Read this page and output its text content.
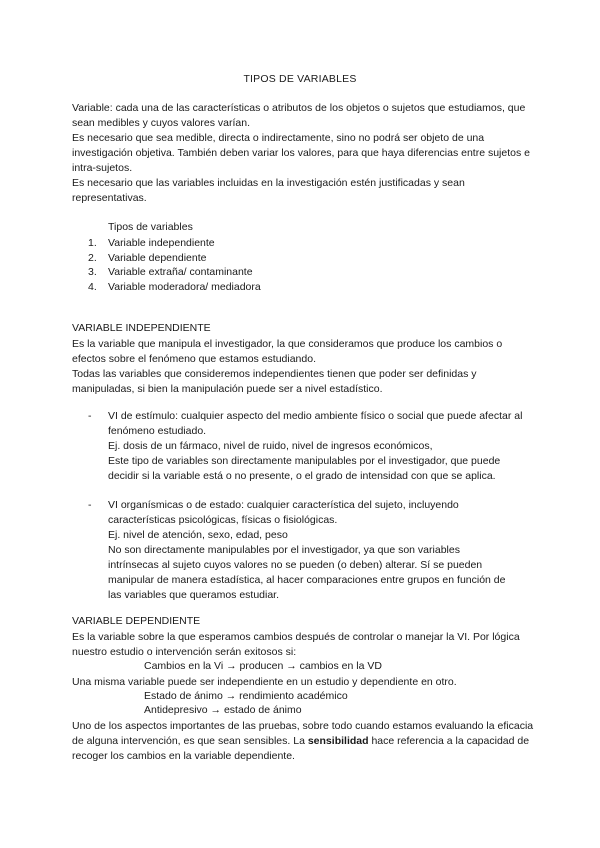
TIPOS DE VARIABLES

Variable: cada una de las características o atributos de los objetos o sujetos que estudiamos, que sean medibles y cuyos valores varían.

Es necesario que sea medible, directa o indirectamente, sino no podrá ser objeto de una investigación objetiva. También deben variar los valores, para que haya diferencias entre sujetos e intra-sujetos.

Es necesario que las variables incluidas en la investigación estén justificadas y sean representativas.

Tipos de variables
1.	Variable independiente
2.	Variable dependiente
3.	Variable extraña/ contaminante
4.	Variable moderadora/ mediadora
VARIABLE INDEPENDIENTE

Es la variable que manipula el investigador, la que consideramos que produce los cambios o efectos sobre el fenómeno que estamos estudiando.

Todas las variables que consideremos independientes tienen que poder ser definidas y manipuladas, si bien la manipulación puede ser a nivel estadístico.

- VI de estímulo: cualquier aspecto del medio ambiente físico o social que puede afectar al fenómeno estudiado.

Ej. dosis de un fármaco, nivel de ruido, nivel de ingresos económicos,

Este tipo de variables son directamente manipulables por el investigador, que puede decidir si la variable está o no presente, o el grado de intensidad con que se aplica.

- VI organísmicas o de estado: cualquier característica del sujeto, incluyendo características psicológicas, físicas o fisiológicas.

Ej. nivel de atención, sexo, edad, peso

No son directamente manipulables por el investigador, ya que son variables intrínsecas al sujeto cuyos valores no se pueden (o deben) alterar. Sí se pueden manipular de manera estadística, al hacer comparaciones entre grupos en función de las variables que queramos estudiar.

VARIABLE DEPENDIENTE
Es la variable sobre la que esperamos cambios después de controlar o manejar la VI. Por lógica nuestro estudio o intervención serán exitosos si:
Cambios en la Vi → producen → cambios en la VD
Una misma variable puede ser independiente en un estudio y dependiente en otro.
Estado de ánimo → rendimiento académico
Antidepresivo → estado de ánimo
Uno de los aspectos importantes de las pruebas, sobre todo cuando estamos evaluando la eficacia de alguna intervención, es que sean sensibles. La sensibilidad hace referencia a la capacidad de recoger los cambios en la variable dependiente.
